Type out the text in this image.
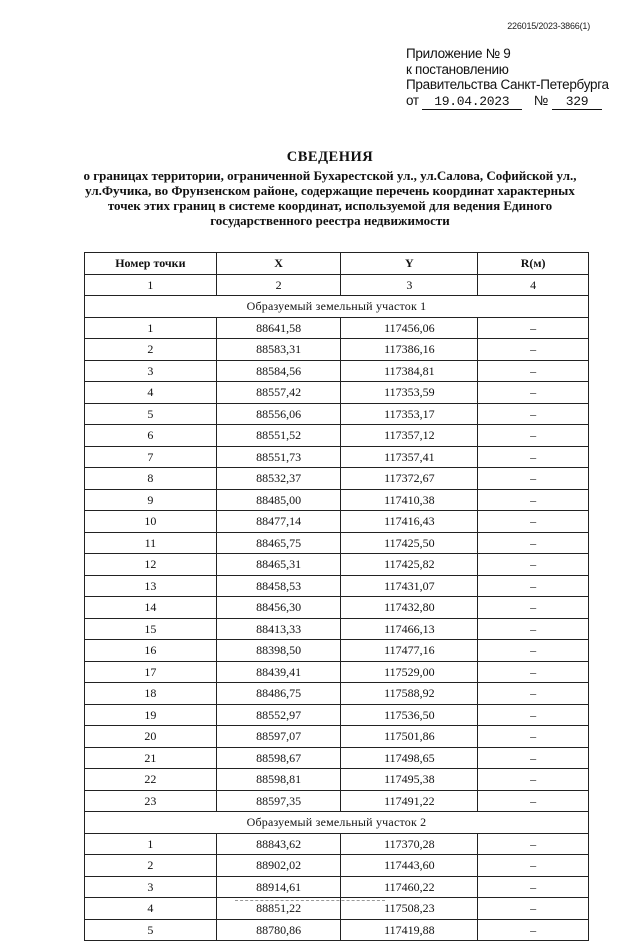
226015/2023-3866(1)
Приложение № 9
к постановлению
Правительства Санкт-Петербурга
от	19.04.2023	№	329
СВЕДЕНИЯ
о границах территории, ограниченной Бухарестской ул., ул.Салова, Софийской ул.,
ул.Фучика, во Фрунзенском районе, содержащие перечень координат характерных
точек этих границ в системе координат, используемой для ведения Единого
государственного реестра недвижимости
Номер точки	X	Y	R(м)
1	2	3	4
Образуемый земельный участок 1			
1	88641,58	117456,06	–
2	88583,31	117386,16	–
3	88584,56	117384,81	–
4	88557,42	117353,59	–
5	88556,06	117353,17	–
6	88551,52	117357,12	–
7	88551,73	117357,41	–
8	88532,37	117372,67	–
9	88485,00	117410,38	–
10	88477,14	117416,43	–
11	88465,75	117425,50	–
12	88465,31	117425,82	–
13	88458,53	117431,07	–
14	88456,30	117432,80	–
15	88413,33	117466,13	–
16	88398,50	117477,16	–
17	88439,41	117529,00	–
18	88486,75	117588,92	–
19	88552,97	117536,50	–
20	88597,07	117501,86	–
21	88598,67	117498,65	–
22	88598,81	117495,38	–
23	88597,35	117491,22	–
Образуемый земельный участок 2			
1	88843,62	117370,28	–
2	88902,02	117443,60	–
3	88914,61	117460,22	–
4	88851,22	117508,23	–
5	88780,86	117419,88	–
